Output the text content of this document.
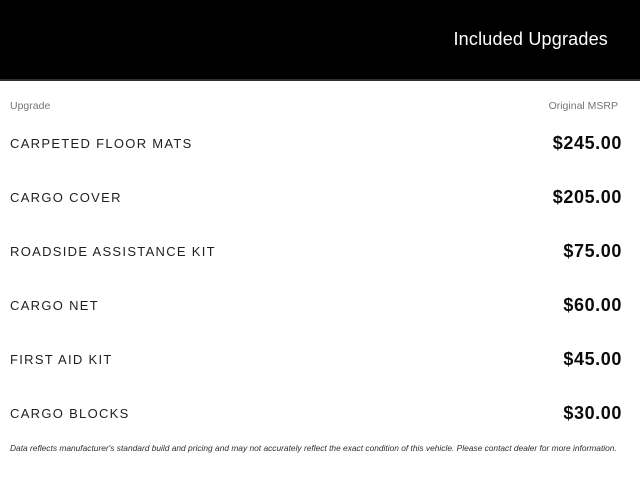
Included Upgrades
Upgrade	Original MSRP
CARPETED FLOOR MATS	$245.00
CARGO COVER	$205.00
ROADSIDE ASSISTANCE KIT	$75.00
CARGO NET	$60.00
FIRST AID KIT	$45.00
CARGO BLOCKS	$30.00
Data reflects manufacturer's standard build and pricing and may not accurately reflect the exact condition of this vehicle. Please contact dealer for more information.
